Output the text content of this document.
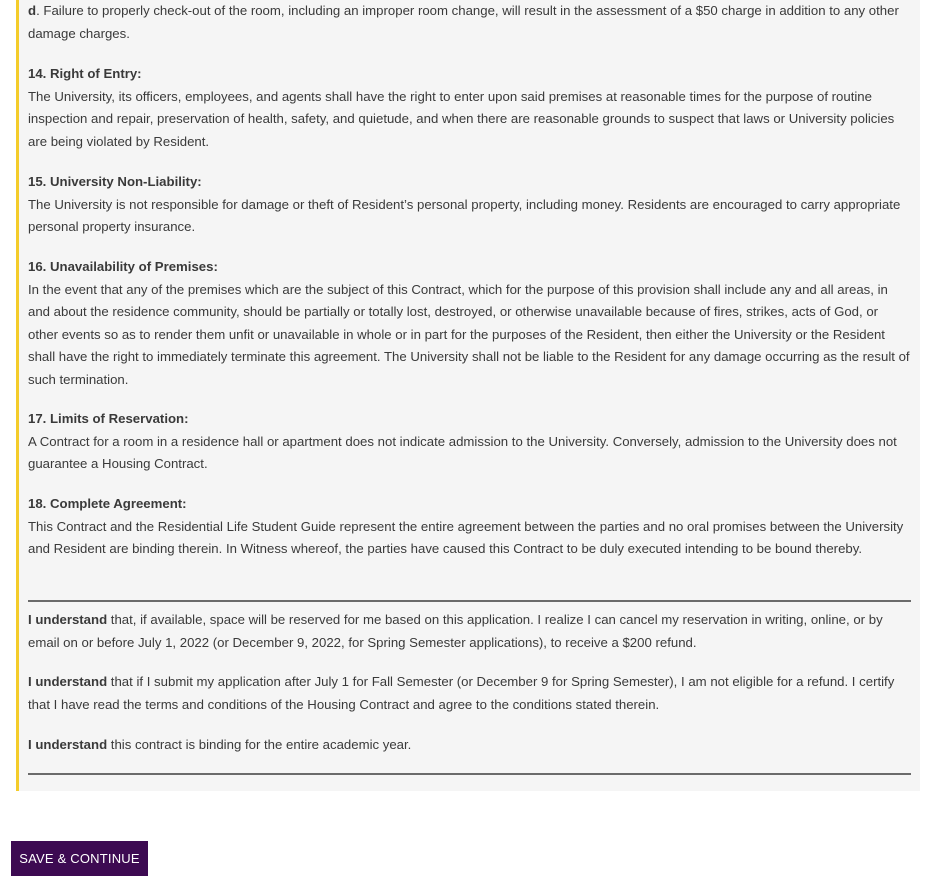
d. Failure to properly check-out of the room, including an improper room change, will result in the assessment of a $50 charge in addition to any other damage charges.

14. Right of Entry:
The University, its officers, employees, and agents shall have the right to enter upon said premises at reasonable times for the purpose of routine inspection and repair, preservation of health, safety, and quietude, and when there are reasonable grounds to suspect that laws or University policies are being violated by Resident.

15. University Non-Liability:
The University is not responsible for damage or theft of Resident’s personal property, including money. Residents are encouraged to carry appropriate personal property insurance.

16. Unavailability of Premises:
In the event that any of the premises which are the subject of this Contract, which for the purpose of this provision shall include any and all areas, in and about the residence community, should be partially or totally lost, destroyed, or otherwise unavailable because of fires, strikes, acts of God, or other events so as to render them unfit or unavailable in whole or in part for the purposes of the Resident, then either the University or the Resident shall have the right to immediately terminate this agreement. The University shall not be liable to the Resident for any damage occurring as the result of such termination.

17. Limits of Reservation:
A Contract for a room in a residence hall or apartment does not indicate admission to the University. Conversely, admission to the University does not guarantee a Housing Contract.

18. Complete Agreement:
This Contract and the Residential Life Student Guide represent the entire agreement between the parties and no oral promises between the University and Resident are binding therein. In Witness whereof, the parties have caused this Contract to be duly executed intending to be bound thereby.

I understand that, if available, space will be reserved for me based on this application. I realize I can cancel my reservation in writing, online, or by email on or before July 1, 2022 (or December 9, 2022, for Spring Semester applications), to receive a $200 refund.

I understand that if I submit my application after July 1 for Fall Semester (or December 9 for Spring Semester), I am not eligible for a refund. I certify that I have read the terms and conditions of the Housing Contract and agree to the conditions stated therein.

I understand this contract is binding for the entire academic year.

SAVE & CONTINUE
